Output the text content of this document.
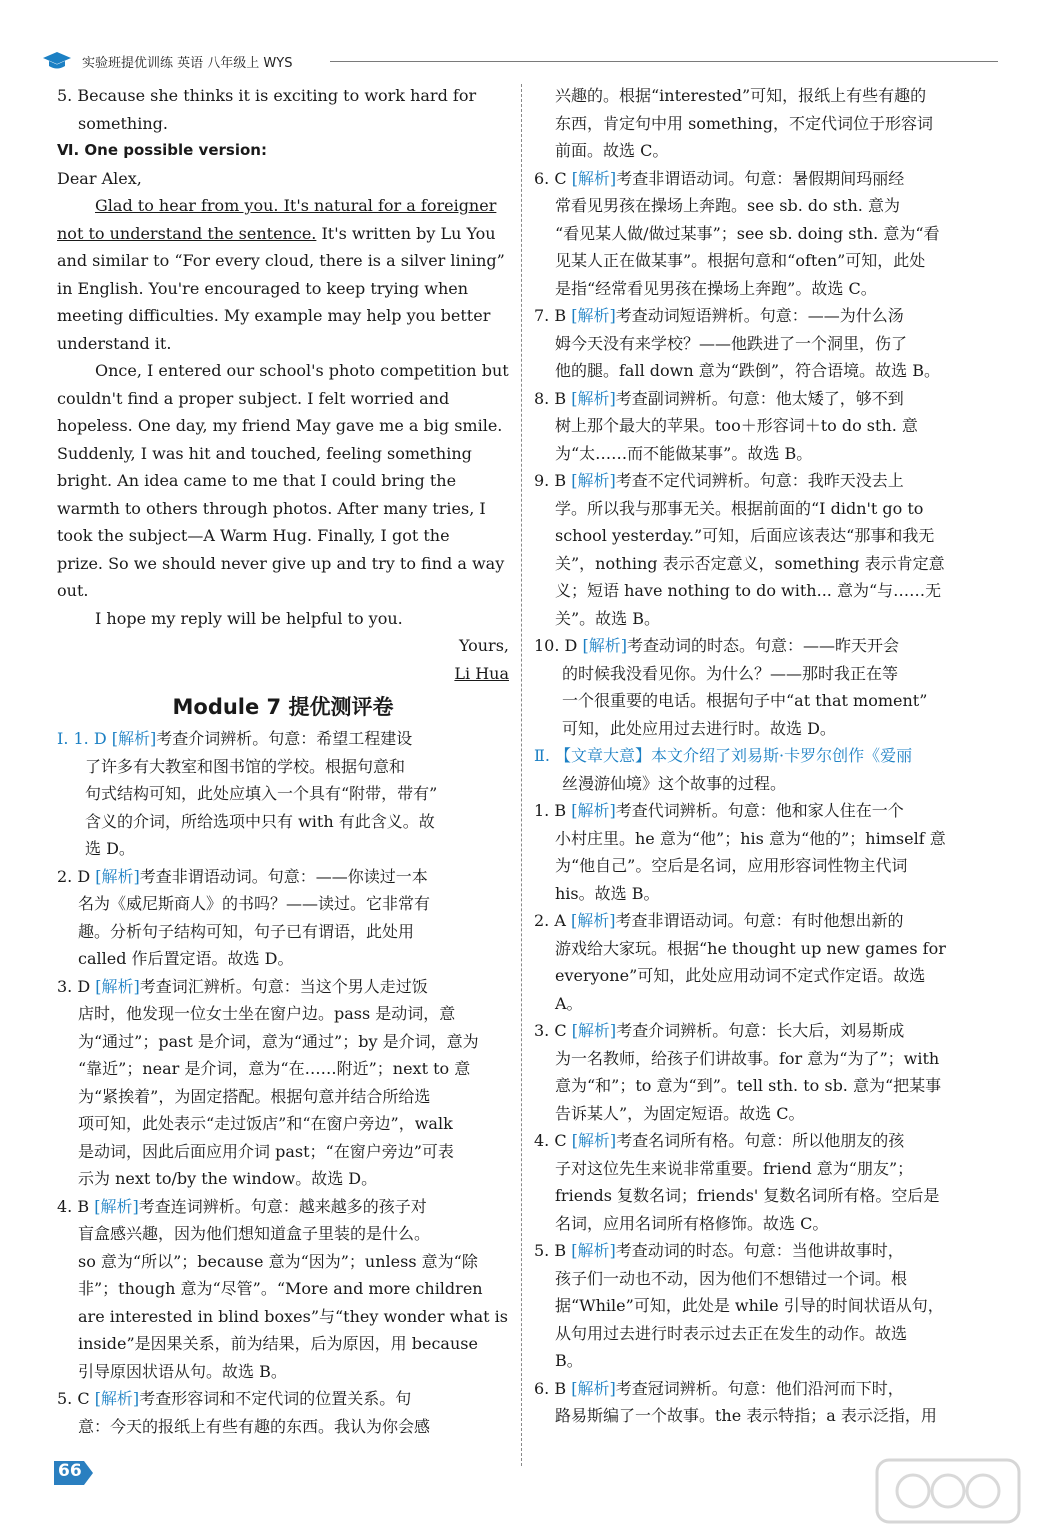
实验班提优训练 英语 八年级上 WYS
5. Because she thinks it is exciting to work hard for
something.
Ⅵ. One possible version:
Dear Alex,
Glad to hear from you. It's natural for a foreigner
not to understand the sentence. It's written by Lu You
and similar to “For every cloud, there is a silver lining”
in English. You're encouraged to keep trying when
meeting difficulties. My example may help you better
understand it.
Once, I entered our school's photo competition but
couldn't find a proper subject. I felt worried and
hopeless. One day, my friend May gave me a big smile.
Suddenly, I was hit and touched, feeling something
bright. An idea came to me that I could bring the
warmth to others through photos. After many tries, I
took the subject—A Warm Hug. Finally, I got the
prize. So we should never give up and try to find a way
out.
I hope my reply will be helpful to you.
Yours,
Li Hua
Module 7 提优测评卷
Ⅰ. 1. D [解析]考查介词辨析。句意：希望工程建设
了许多有大教室和图书馆的学校。根据句意和
句式结构可知，此处应填入一个具有“附带，带有”
含义的介词，所给选项中只有 with 有此含义。故
选 D。
2. D [解析]考查非谓语动词。句意：——你读过一本
名为《威尼斯商人》的书吗？——读过。它非常有
趣。分析句子结构可知，句子已有谓语，此处用
called 作后置定语。故选 D。
3. D [解析]考查词汇辨析。句意：当这个男人走过饭
店时，他发现一位女士坐在窗户边。pass 是动词，意
为“通过”；past 是介词，意为“通过”；by 是介词，意为
“靠近”；near 是介词，意为“在……附近”；next to 意
为“紧挨着”，为固定搭配。根据句意并结合所给选
项可知，此处表示“走过饭店”和“在窗户旁边”，walk
是动词，因此后面应用介词 past；“在窗户旁边”可表
示为 next to/by the window。故选 D。
4. B [解析]考查连词辨析。句意：越来越多的孩子对
盲盒感兴趣，因为他们想知道盒子里装的是什么。
so 意为“所以”；because 意为“因为”；unless 意为“除
非”；though 意为“尽管”。“More and more children
are interested in blind boxes”与“they wonder what is
inside”是因果关系，前为结果，后为原因，用 because
引导原因状语从句。故选 B。
5. C [解析]考查形容词和不定代词的位置关系。句
意：今天的报纸上有些有趣的东西。我认为你会感
兴趣的。根据“interested”可知，报纸上有些有趣的
东西，肯定句中用 something，不定代词位于形容词
前面。故选 C。
6. C [解析]考查非谓语动词。句意：暑假期间玛丽经
常看见男孩在操场上奔跑。see sb. do sth. 意为
“看见某人做/做过某事”；see sb. doing sth. 意为“看
见某人正在做某事”。根据句意和“often”可知，此处
是指“经常看见男孩在操场上奔跑”。故选 C。
7. B [解析]考查动词短语辨析。句意：——为什么汤
姆今天没有来学校？——他跌进了一个洞里，伤了
他的腿。fall down 意为“跌倒”，符合语境。故选 B。
8. B [解析]考查副词辨析。句意：他太矮了，够不到
树上那个最大的苹果。too＋形容词＋to do sth. 意
为“太……而不能做某事”。故选 B。
9. B [解析]考查不定代词辨析。句意：我昨天没去上
学。所以我与那事无关。根据前面的“I didn't go to
school yesterday.”可知，后面应该表达“那事和我无
关”，nothing 表示否定意义，something 表示肯定意
义；短语 have nothing to do with... 意为“与……无
关”。故选 B。
10. D [解析]考查动词的时态。句意：——昨天开会
的时候我没看见你。为什么？——那时我正在等
一个很重要的电话。根据句子中“at that moment”
可知，此处应用过去进行时。故选 D。
Ⅱ. 【文章大意】本文介绍了刘易斯·卡罗尔创作《爱丽
丝漫游仙境》这个故事的过程。
1. B [解析]考查代词辨析。句意：他和家人住在一个
小村庄里。he 意为“他”；his 意为“他的”；himself 意
为“他自己”。空后是名词，应用形容词性物主代词
his。故选 B。
2. A [解析]考查非谓语动词。句意：有时他想出新的
游戏给大家玩。根据“he thought up new games for
everyone”可知，此处应用动词不定式作定语。故选
A。
3. C [解析]考查介词辨析。句意：长大后，刘易斯成
为一名教师，给孩子们讲故事。for 意为“为了”；with
意为“和”；to 意为“到”。tell sth. to sb. 意为“把某事
告诉某人”，为固定短语。故选 C。
4. C [解析]考查名词所有格。句意：所以他朋友的孩
子对这位先生来说非常重要。friend 意为“朋友”；
friends 复数名词；friends' 复数名词所有格。空后是
名词，应用名词所有格修饰。故选 C。
5. B [解析]考查动词的时态。句意：当他讲故事时，
孩子们一动也不动，因为他们不想错过一个词。根
据“While”可知，此处是 while 引导的时间状语从句，
从句用过去进行时表示过去正在发生的动作。故选
B。
6. B [解析]考查冠词辨析。句意：他们沿河而下时，
路易斯编了一个故事。the 表示特指；a 表示泛指，用
66
